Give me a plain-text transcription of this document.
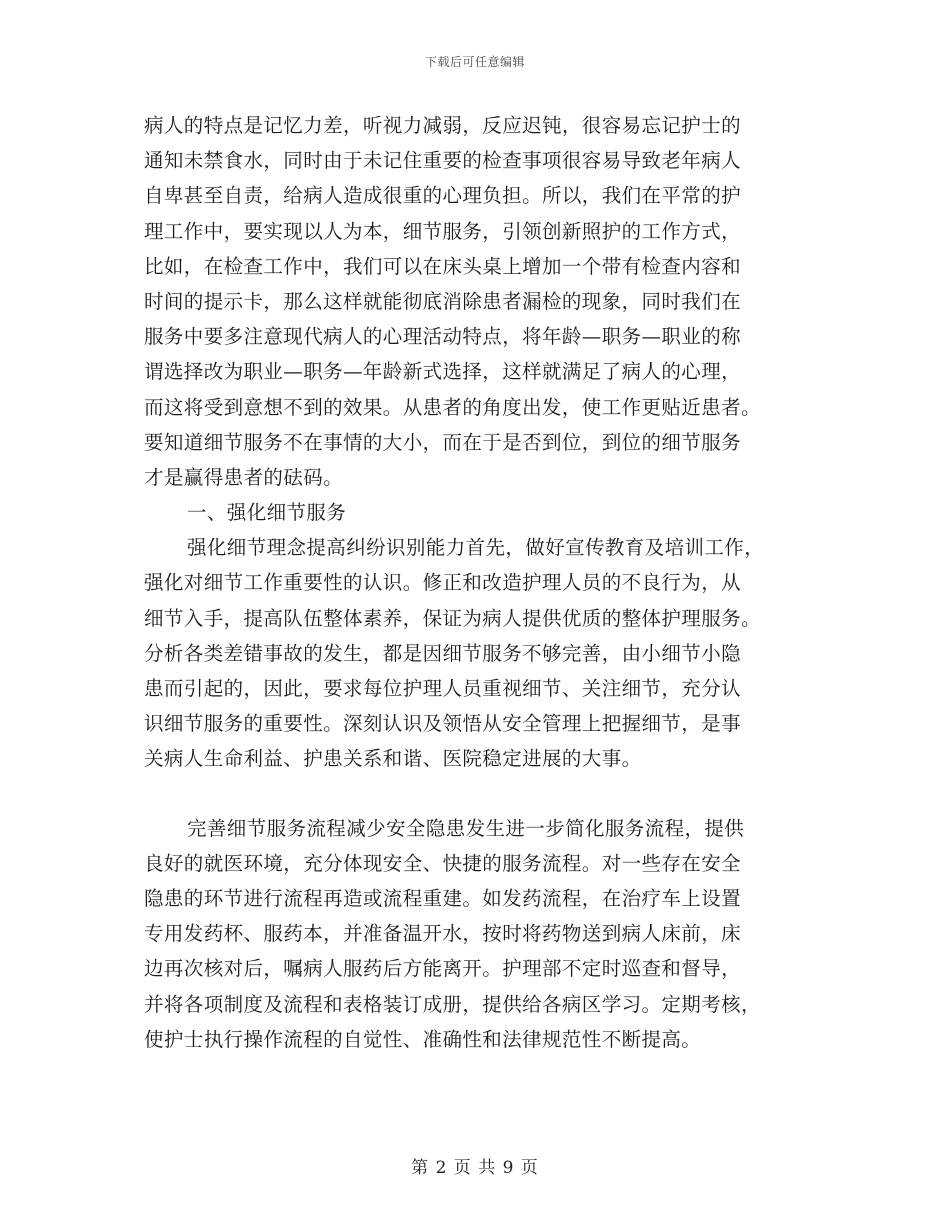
下载后可任意编辑
病人的特点是记忆力差，听视力减弱，反应迟钝，很容易忘记护士的
通知未禁食水，同时由于未记住重要的检查事项很容易导致老年病人
自卑甚至自责，给病人造成很重的心理负担。所以，我们在平常的护
理工作中，要实现以人为本，细节服务，引领创新照护的工作方式，
比如，在检查工作中，我们可以在床头桌上增加一个带有检查内容和
时间的提示卡，那么这样就能彻底消除患者漏检的现象，同时我们在
服务中要多注意现代病人的心理活动特点，将年龄—职务—职业的称
谓选择改为职业—职务—年龄新式选择，这样就满足了病人的心理，
而这将受到意想不到的效果。从患者的角度出发，使工作更贴近患者。
要知道细节服务不在事情的大小，而在于是否到位，到位的细节服务
才是赢得患者的砝码。
一、强化细节服务
强化细节理念提高纠纷识别能力首先，做好宣传教育及培训工作，
强化对细节工作重要性的认识。修正和改造护理人员的不良行为，从
细节入手，提高队伍整体素养，保证为病人提供优质的整体护理服务。
分析各类差错事故的发生，都是因细节服务不够完善，由小细节小隐
患而引起的，因此，要求每位护理人员重视细节、关注细节，充分认
识细节服务的重要性。深刻认识及领悟从安全管理上把握细节，是事
关病人生命利益、护患关系和谐、医院稳定进展的大事。
完善细节服务流程减少安全隐患发生进一步简化服务流程，提供
良好的就医环境，充分体现安全、快捷的服务流程。对一些存在安全
隐患的环节进行流程再造或流程重建。如发药流程，在治疗车上设置
专用发药杯、服药本，并准备温开水，按时将药物送到病人床前，床
边再次核对后，嘱病人服药后方能离开。护理部不定时巡查和督导，
并将各项制度及流程和表格装订成册，提供给各病区学习。定期考核，
使护士执行操作流程的自觉性、准确性和法律规范性不断提高。
第 2 页 共 9 页
